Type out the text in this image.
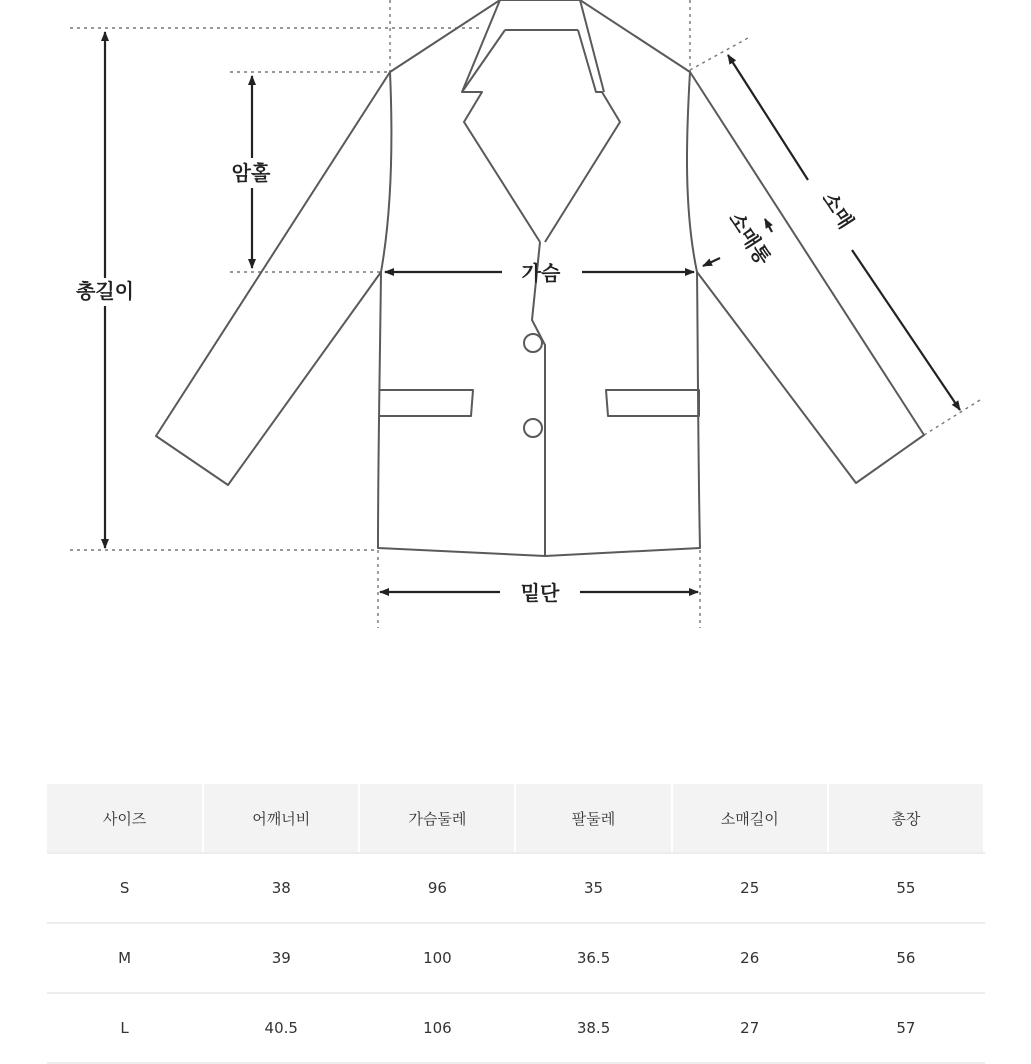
총길이
암홀
가슴
밑단
소매
소매통
사이즈	어깨너비	가슴둘레	팔둘레	소매길이	총장
S	38	96	35	25	55
M	39	100	36.5	26	56
L	40.5	106	38.5	27	57
